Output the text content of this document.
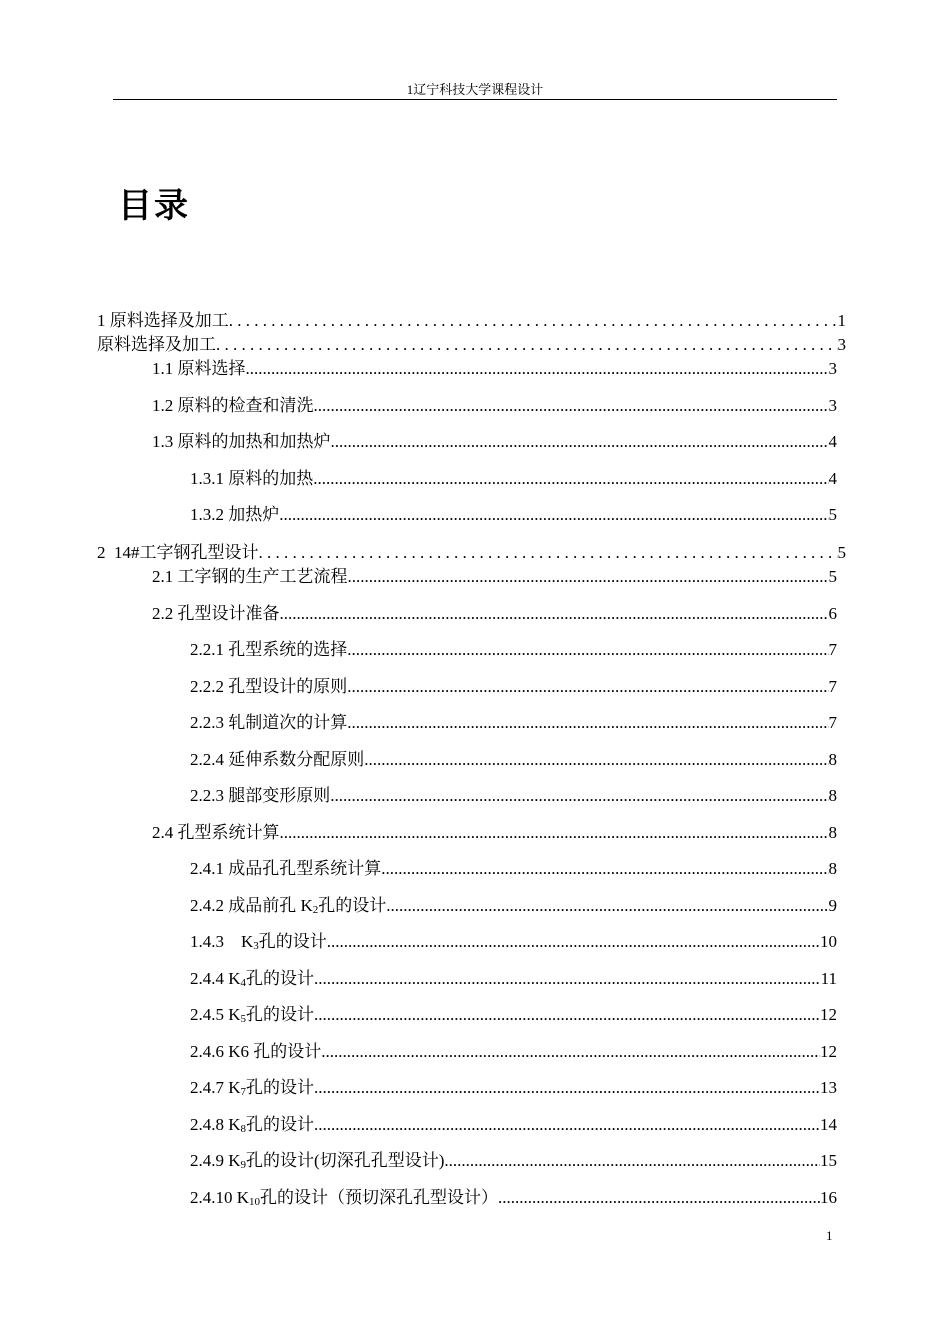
1辽宁科技大学课程设计
目录
1 原料选择及加工 . . .	1
原料选择及加工 . . .	3
1.1 原料选择 .....	3
1.2 原料的检查和清洗 .....	3
1.3 原料的加热和加热炉 .....	4
1.3.1 原料的加热 .....	4
1.3.2 加热炉 .....	5
2  14#工字钢孔型设计 . . .	5
2.1 工字钢的生产工艺流程 .....	5
2.2 孔型设计准备 .....	6
2.2.1 孔型系统的选择 .....	7
2.2.2 孔型设计的原则 .....	7
2.2.3 轧制道次的计算 .....	7
2.2.4 延伸系数分配原则 .....	8
2.2.3 腿部变形原则 .....	8
2.4 孔型系统计算 .....	8
2.4.1 成品孔孔型系统计算 .....	8
2.4.2 成品前孔 $K_2$孔的设计 .....	9
1.4.3　$K_3$孔的设计 .....	10
2.4.4 $K_4$孔的设计 .....	11
2.4.5 $K_5$孔的设计 .....	12
2.4.6 K6 孔的设计 .....	12
2.4.7 $K_7$孔的设计 .....	13
2.4.8 $K_8$孔的设计 .....	14
2.4.9 $K_9$孔的设计(切深孔孔型设计) .....	15
2.4.10 $K_{10}$孔的设计（预切深孔孔型设计） .....	16
1
